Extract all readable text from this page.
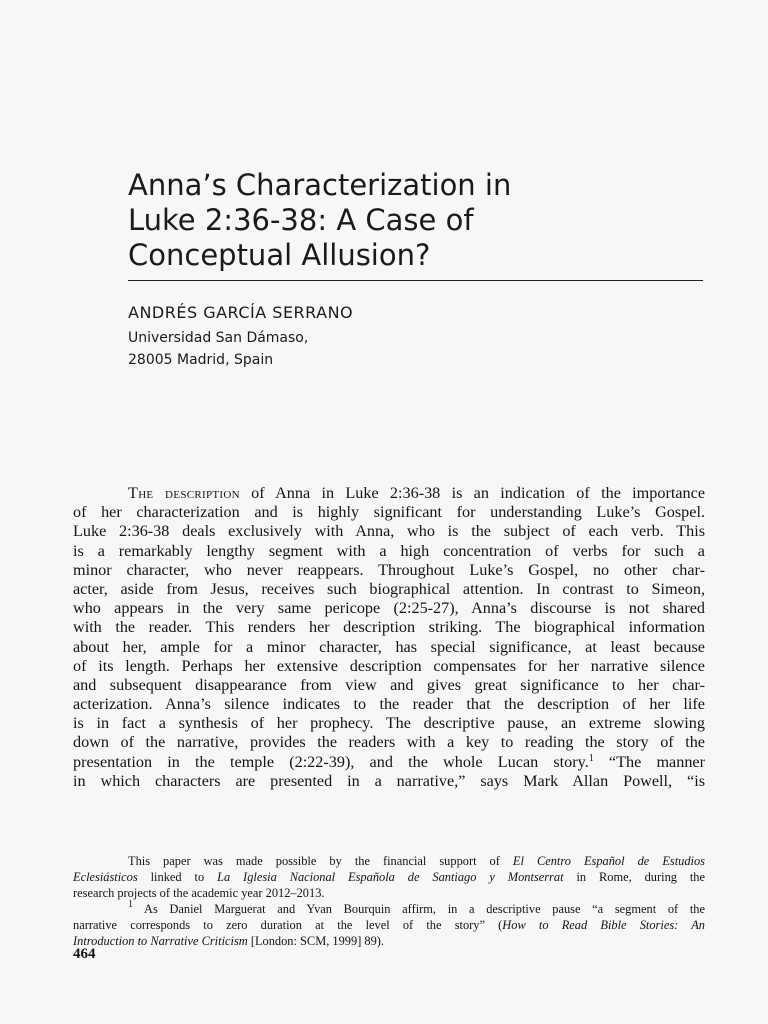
Anna’s Characterization in
Luke 2:36-38: A Case of
Conceptual Allusion?
ANDRÉS GARCÍA SERRANO
Universidad San Dámaso,
28005 Madrid, Spain
The description of Anna in Luke 2:36-38 is an indication of the importance
of her characterization and is highly significant for understanding Luke’s Gospel.
Luke 2:36-38 deals exclusively with Anna, who is the subject of each verb. This
is a remarkably lengthy segment with a high concentration of verbs for such a
minor character, who never reappears. Throughout Luke’s Gospel, no other char-
acter, aside from Jesus, receives such biographical attention. In contrast to Simeon,
who appears in the very same pericope (2:25-27), Anna’s discourse is not shared
with the reader. This renders her description striking. The biographical information
about her, ample for a minor character, has special significance, at least because
of its length. Perhaps her extensive description compensates for her narrative silence
and subsequent disappearance from view and gives great significance to her char-
acterization. Anna’s silence indicates to the reader that the description of her life
is in fact a synthesis of her prophecy. The descriptive pause, an extreme slowing
down of the narrative, provides the readers with a key to reading the story of the
presentation in the temple (2:22-39), and the whole Lucan story.$^1$ “The manner
in which characters are presented in a narrative,” says Mark Allan Powell, “is
This paper was made possible by the financial support of El Centro Español de Estudios
Eclesiásticos linked to La Iglesia Nacional Española de Santiago y Montserrat in Rome, during the
research projects of the academic year 2012–2013.
$^1$ As Daniel Marguerat and Yvan Bourquin affirm, in a descriptive pause “a segment of the
narrative corresponds to zero duration at the level of the story” (How to Read Bible Stories: An
Introduction to Narrative Criticism [London: SCM, 1999] 89).
464
